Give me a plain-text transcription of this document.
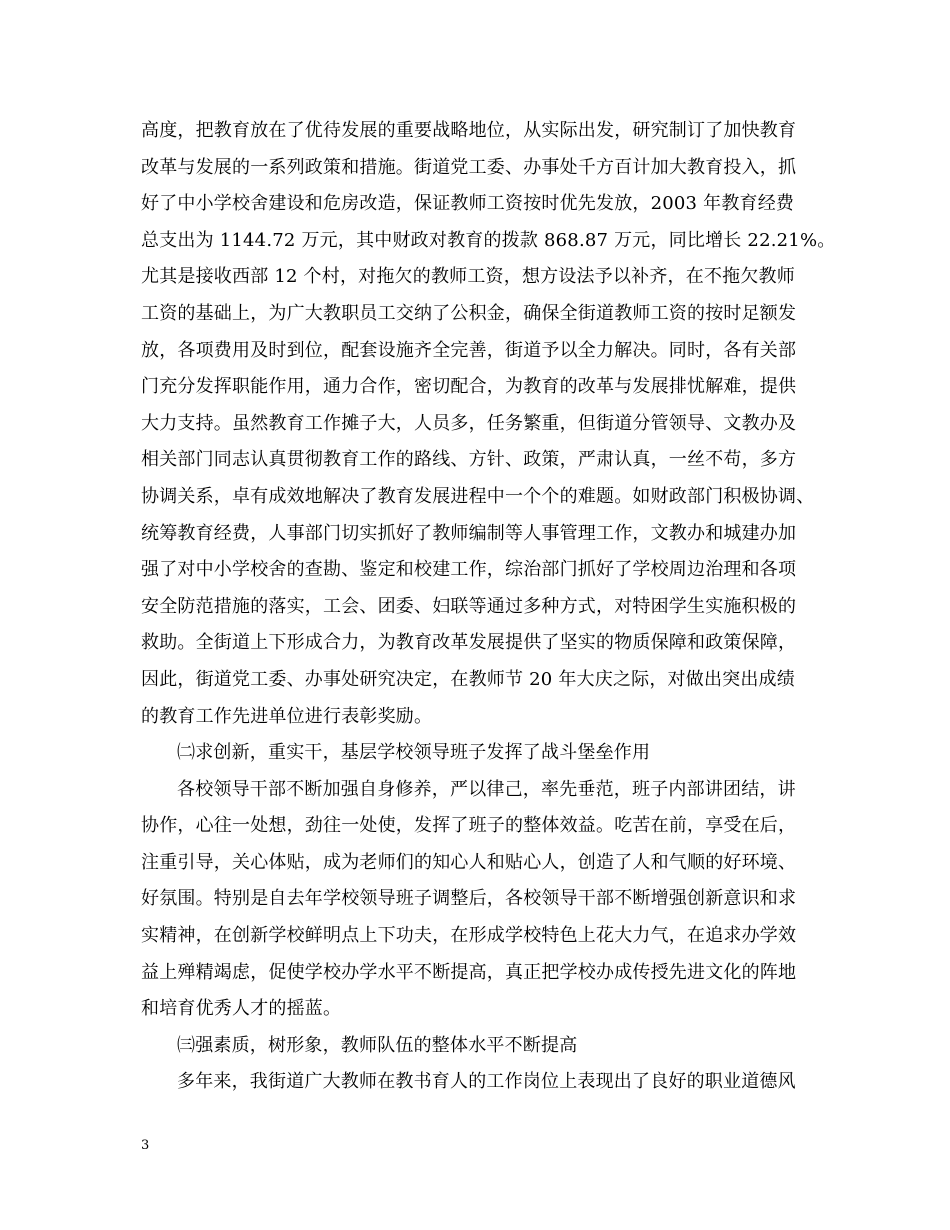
高度，把教育放在了优待发展的重要战略地位，从实际出发，研究制订了加快教育
改革与发展的一系列政策和措施。街道党工委、办事处千方百计加大教育投入，抓
好了中小学校舍建设和危房改造，保证教师工资按时优先发放，2003 年教育经费
总支出为 1144.72 万元，其中财政对教育的拨款 868.87 万元，同比增长 22.21%。
尤其是接收西部 12 个村，对拖欠的教师工资，想方设法予以补齐，在不拖欠教师
工资的基础上，为广大教职员工交纳了公积金，确保全街道教师工资的按时足额发
放，各项费用及时到位，配套设施齐全完善，街道予以全力解决。同时，各有关部
门充分发挥职能作用，通力合作，密切配合，为教育的改革与发展排忧解难，提供
大力支持。虽然教育工作摊子大，人员多，任务繁重，但街道分管领导、文教办及
相关部门同志认真贯彻教育工作的路线、方针、政策，严肃认真，一丝不苟，多方
协调关系，卓有成效地解决了教育发展进程中一个个的难题。如财政部门积极协调、
统筹教育经费，人事部门切实抓好了教师编制等人事管理工作，文教办和城建办加
强了对中小学校舍的查勘、鉴定和校建工作，综治部门抓好了学校周边治理和各项
安全防范措施的落实，工会、团委、妇联等通过多种方式，对特困学生实施积极的
救助。全街道上下形成合力，为教育改革发展提供了坚实的物质保障和政策保障，
因此，街道党工委、办事处研究决定，在教师节 20 年大庆之际，对做出突出成绩
的教育工作先进单位进行表彰奖励。
㈡求创新，重实干，基层学校领导班子发挥了战斗堡垒作用
各校领导干部不断加强自身修养，严以律己，率先垂范，班子内部讲团结，讲
协作，心往一处想，劲往一处使，发挥了班子的整体效益。吃苦在前，享受在后，
注重引导，关心体贴，成为老师们的知心人和贴心人，创造了人和气顺的好环境、
好氛围。特别是自去年学校领导班子调整后，各校领导干部不断增强创新意识和求
实精神，在创新学校鲜明点上下功夫，在形成学校特色上花大力气，在追求办学效
益上殚精竭虑，促使学校办学水平不断提高，真正把学校办成传授先进文化的阵地
和培育优秀人才的摇蓝。
㈢强素质，树形象，教师队伍的整体水平不断提高
多年来，我街道广大教师在教书育人的工作岗位上表现出了良好的职业道德风
3
